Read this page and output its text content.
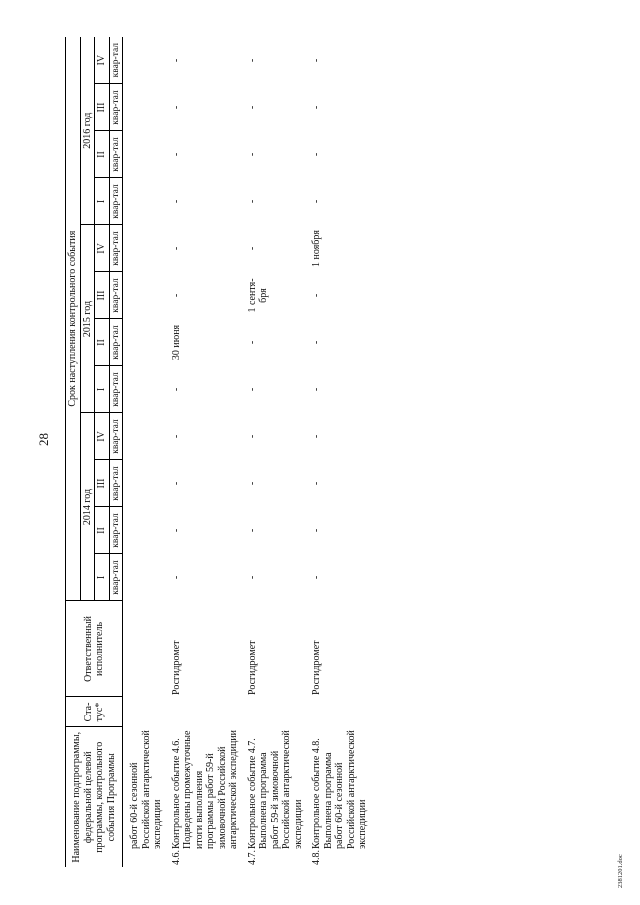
28
2381201.doc
Наименование подпрограммы, федеральной целевой программы, контрольного события Программы		Ста-тус*	Ответственный исполнитель	Срок наступления контрольного события											
				2014 год				2015 год				2016 год			
				I	II	III	IV	I	II	III	IV	I	II	III	IV
				квар-тал	квар-тал	квар-тал	квар-тал	квар-тал	квар-тал	квар-тал	квар-тал	квар-тал	квар-тал	квар-тал	квар-тал
	работ 60-й сезонной Российской антарктической экспедиции														
4.6.	Контрольное событие 4.6. Подведены промежуточные итоги выполнения программы работ 59-й зимовочной Российской антарктической экспедиции		Росгидромет	-	-	-	-	-	30 июня	-	-	-	-	-	-
4.7.	Контрольное событие 4.7. Выполнена программа работ 59-й зимовочной Российской антарктической экспедиции		Росгидромет	-	-	-	-	-	-	1 сентя-бря	-	-	-	-	-
4.8.	Контрольное событие 4.8. Выполнена программа работ 60-й сезонной Российской антарктической экспедиции		Росгидромет	-	-	-	-	-	-	-	1 ноября	-	-	-	-
